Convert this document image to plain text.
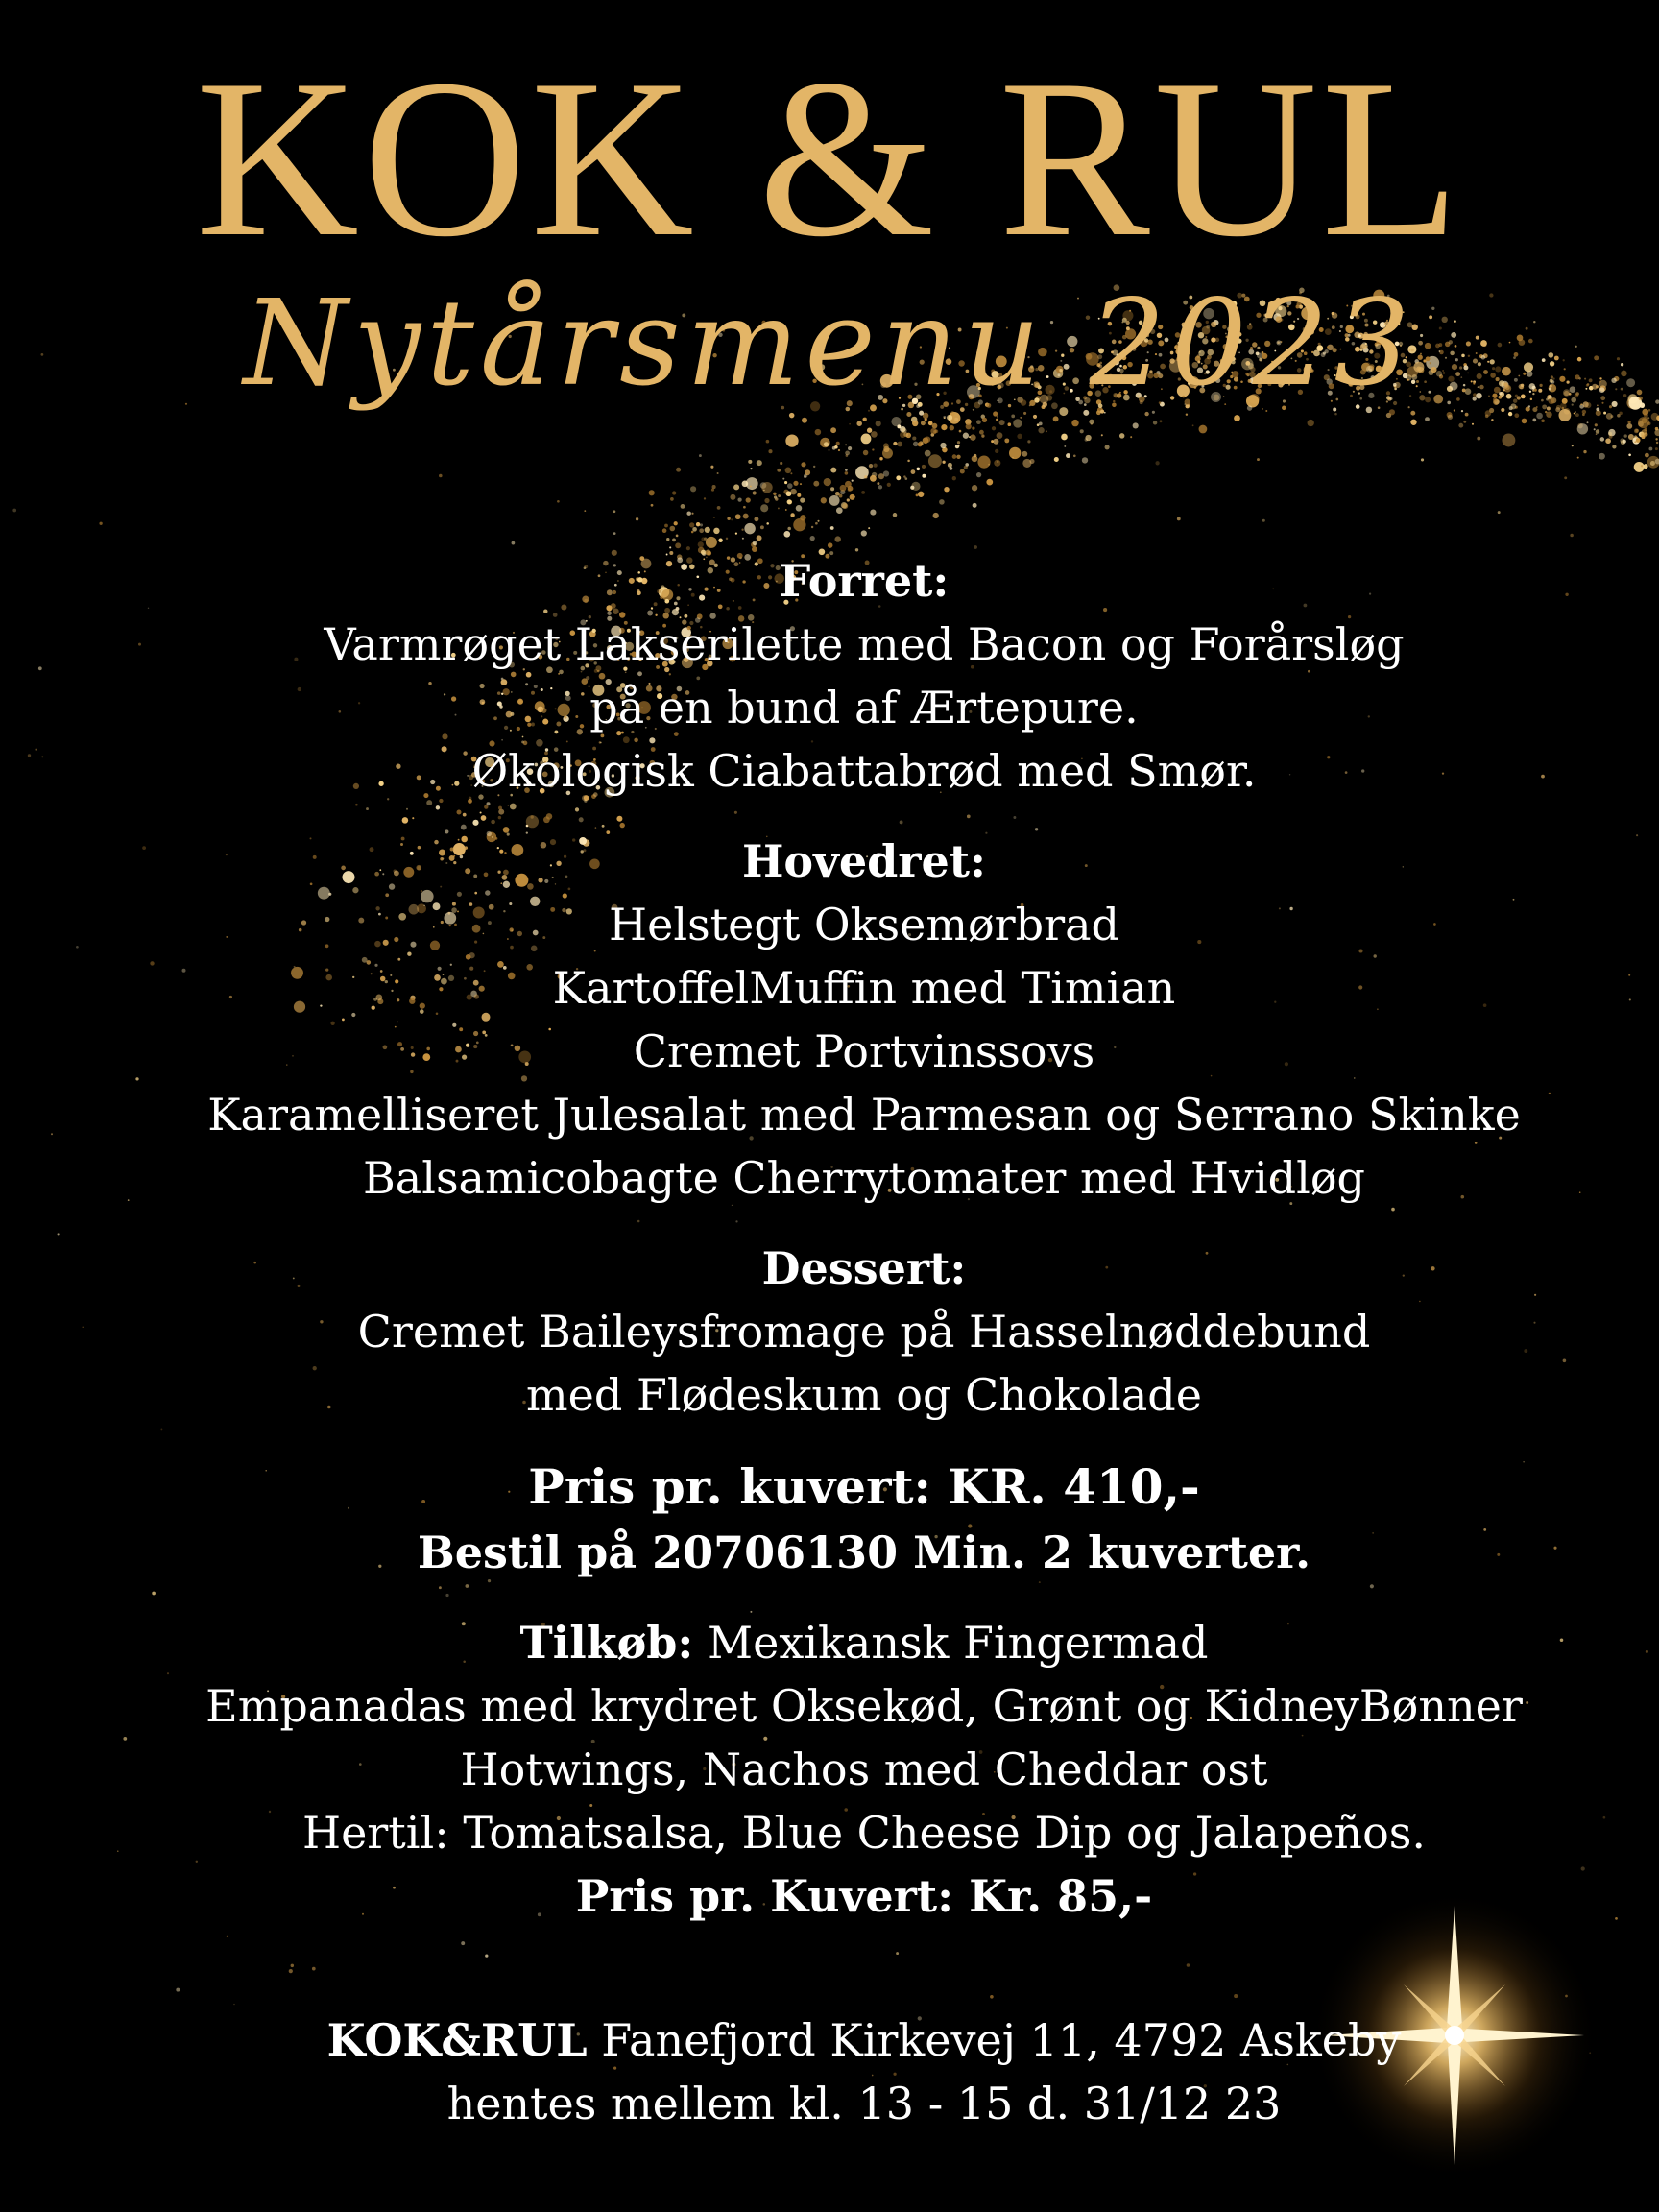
KOK & RUL
Nytårsmenu 2023

Forret:

Varmrøget Lakserilette med Bacon og Forårsløg

på en bund af Ærtepure.

Økologisk Ciabattabrød med Smør.

Hovedret:

Helstegt Oksemørbrad

KartoffelMuffin med Timian

Cremet Portvinssovs

Karamelliseret Julesalat med Parmesan og Serrano Skinke

Balsamicobagte Cherrytomater med Hvidløg

Dessert:

Cremet Baileysfromage på Hasselnøddebund

med Flødeskum og Chokolade

Pris pr. kuvert: KR. 410,-

Bestil på 20706130 Min. 2 kuverter.

Tilkøb: Mexikansk Fingermad

Empanadas med krydret Oksekød, Grønt og KidneyBønner

Hotwings, Nachos med Cheddar ost

Hertil: Tomatsalsa, Blue Cheese Dip og Jalapeños.

Pris pr. Kuvert: Kr. 85,-

KOK&RUL Fanefjord Kirkevej 11, 4792 Askeby

hentes mellem kl. 13 - 15 d. 31/12 23
